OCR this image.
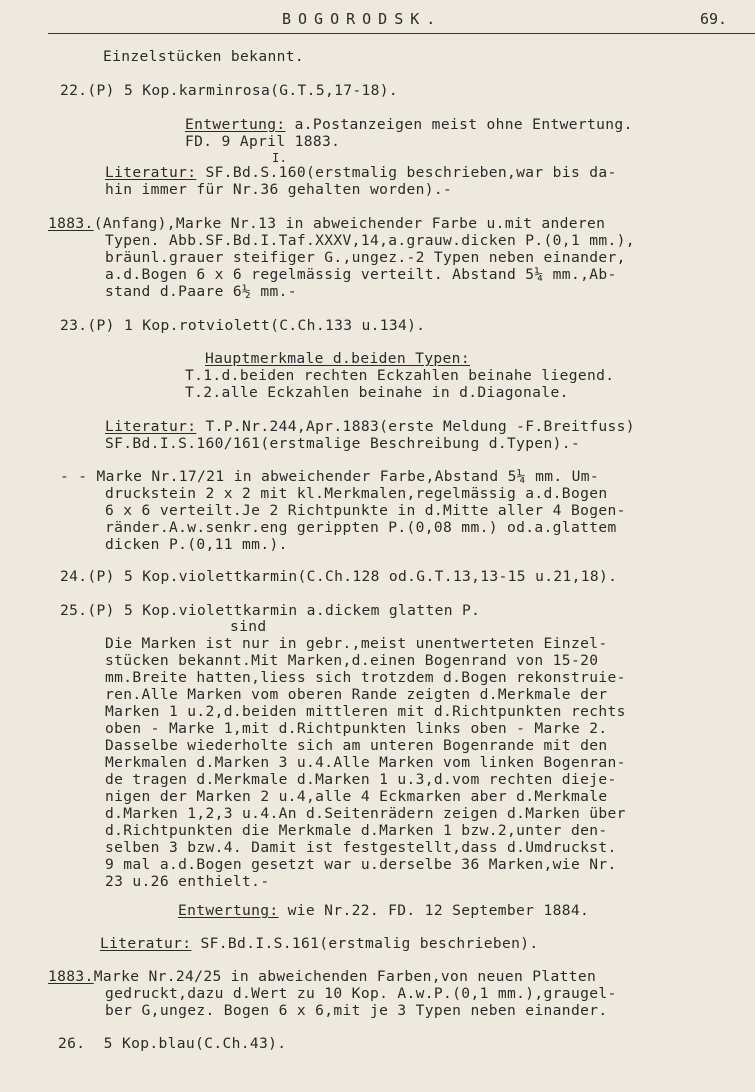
BOGORODSK.	69.
Einzelstücken bekannt.
22.(P) 5 Kop.karminrosa(G.T.5,17-18).
Entwertung: a.Postanzeigen meist ohne Entwertung.
FD. 9 April 1883.
I.
Literatur: SF.Bd.S.160(erstmalig beschrieben,war bis da-
hin immer für Nr.36 gehalten worden).-
1883.(Anfang),Marke Nr.13 in abweichender Farbe u.mit anderen
Typen. Abb.SF.Bd.I.Taf.XXXV,14,a.grauw.dicken P.(0,1 mm.),
bräunl.grauer steifiger G.,ungez.-2 Typen neben einander,
a.d.Bogen 6 x 6 regelmässig verteilt. Abstand 5¼ mm.,Ab-
stand d.Paare 6½ mm.-
23.(P) 1 Kop.rotviolett(C.Ch.133 u.134).
Hauptmerkmale d.beiden Typen:
T.1.d.beiden rechten Eckzahlen beinahe liegend.
T.2.alle Eckzahlen beinahe in d.Diagonale.
Literatur: T.P.Nr.244,Apr.1883(erste Meldung -F.Breitfuss)
SF.Bd.I.S.160/161(erstmalige Beschreibung d.Typen).-
- - Marke Nr.17/21 in abweichender Farbe,Abstand 5¼ mm. Um-
druckstein 2 x 2 mit kl.Merkmalen,regelmässig a.d.Bogen
6 x 6 verteilt.Je 2 Richtpunkte in d.Mitte aller 4 Bogen-
ränder.A.w.senkr.eng gerippten P.(0,08 mm.) od.a.glattem
dicken P.(0,11 mm.).
24.(P) 5 Kop.violettkarmin(C.Ch.128 od.G.T.13,13-15 u.21,18).
25.(P) 5 Kop.violettkarmin a.dickem glatten P.
sind
Die Marken ist nur in gebr.,meist unentwerteten Einzel-
stücken bekannt.Mit Marken,d.einen Bogenrand von 15-20
mm.Breite hatten,liess sich trotzdem d.Bogen rekonstruie-
ren.Alle Marken vom oberen Rande zeigten d.Merkmale der
Marken 1 u.2,d.beiden mittleren mit d.Richtpunkten rechts
oben - Marke 1,mit d.Richtpunkten links oben - Marke 2.
Dasselbe wiederholte sich am unteren Bogenrande mit den
Merkmalen d.Marken 3 u.4.Alle Marken vom linken Bogenran-
de tragen d.Merkmale d.Marken 1 u.3,d.vom rechten dieje-
nigen der Marken 2 u.4,alle 4 Eckmarken aber d.Merkmale
d.Marken 1,2,3 u.4.An d.Seitenrädern zeigen d.Marken über
d.Richtpunkten die Merkmale d.Marken 1 bzw.2,unter den-
selben 3 bzw.4. Damit ist festgestellt,dass d.Umdruckst.
9 mal a.d.Bogen gesetzt war u.derselbe 36 Marken,wie Nr.
23 u.26 enthielt.-
Entwertung: wie Nr.22. FD. 12 September 1884.
Literatur: SF.Bd.I.S.161(erstmalig beschrieben).
1883.Marke Nr.24/25 in abweichenden Farben,von neuen Platten
gedruckt,dazu d.Wert zu 10 Kop. A.w.P.(0,1 mm.),graugel-
ber G,ungez. Bogen 6 x 6,mit je 3 Typen neben einander.
26.  5 Kop.blau(C.Ch.43).
